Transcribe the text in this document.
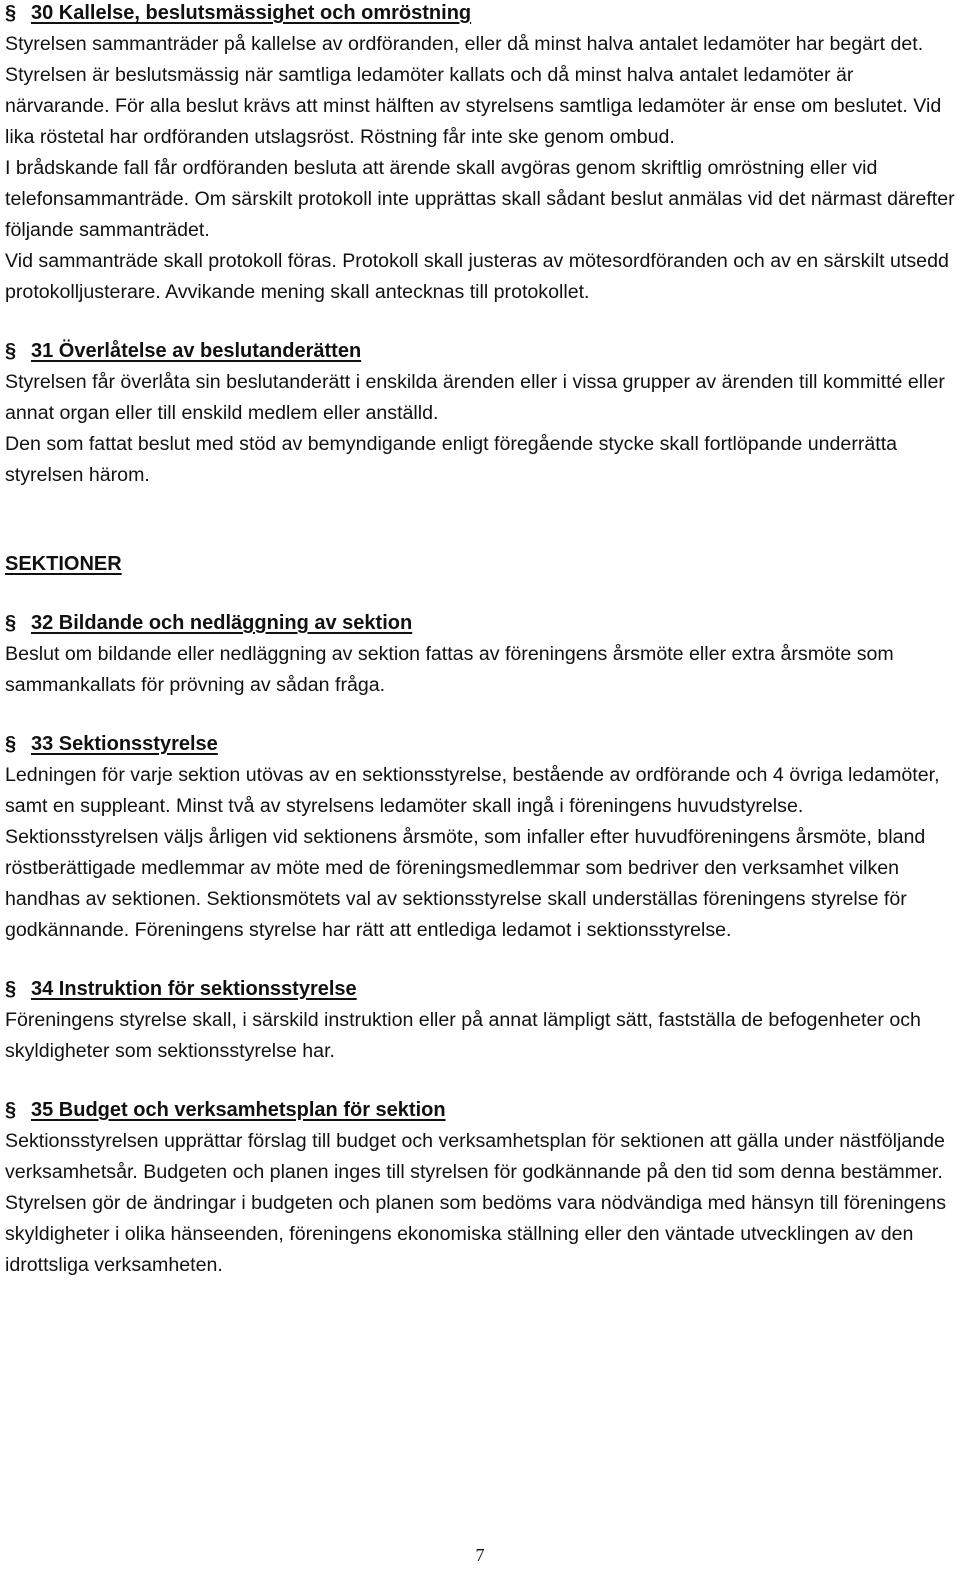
§ 30 Kallelse, beslutsmässighet och omröstning

Styrelsen sammanträder på kallelse av ordföranden, eller då minst halva antalet ledamöter har begärt det.

Styrelsen är beslutsmässig när samtliga ledamöter kallats och då minst halva antalet ledamöter är närvarande. För alla beslut krävs att minst hälften av styrelsens samtliga ledamöter är ense om beslutet. Vid lika röstetal har ordföranden utslagsröst. Röstning får inte ske genom ombud.

I brådskande fall får ordföranden besluta att ärende skall avgöras genom skriftlig omröstning eller vid telefonsammanträde. Om särskilt protokoll inte upprättas skall sådant beslut anmälas vid det närmast därefter följande sammanträdet.

Vid sammanträde skall protokoll föras. Protokoll skall justeras av mötesordföranden och av en särskilt utsedd protokolljusterare. Avvikande mening skall antecknas till protokollet.

§ 31 Överlåtelse av beslutanderätten

Styrelsen får överlåta sin beslutanderätt i enskilda ärenden eller i vissa grupper av ärenden till kommitté eller annat organ eller till enskild medlem eller anställd.

Den som fattat beslut med stöd av bemyndigande enligt föregående stycke skall fortlöpande underrätta styrelsen härom.

SEKTIONER
§ 32 Bildande och nedläggning av sektion

Beslut om bildande eller nedläggning av sektion fattas av föreningens årsmöte eller extra årsmöte som sammankallats för prövning av sådan fråga.

§ 33 Sektionsstyrelse

Ledningen för varje sektion utövas av en sektionsstyrelse, bestående av ordförande och 4 övriga ledamöter, samt en suppleant. Minst två av styrelsens ledamöter skall ingå i föreningens huvudstyrelse. Sektionsstyrelsen väljs årligen vid sektionens årsmöte, som infaller efter huvudföreningens årsmöte, bland röstberättigade medlemmar av möte med de föreningsmedlemmar som bedriver den verksamhet vilken handhas av sektionen. Sektionsmötets val av sektionsstyrelse skall underställas föreningens styrelse för godkännande. Föreningens styrelse har rätt att entlediga ledamot i sektionsstyrelse.

§ 34 Instruktion för sektionsstyrelse

Föreningens styrelse skall, i särskild instruktion eller på annat lämpligt sätt, fastställa de befogenheter och skyldigheter som sektionsstyrelse har.

§ 35 Budget och verksamhetsplan för sektion

Sektionsstyrelsen upprättar förslag till budget och verksamhetsplan för sektionen att gälla under nästföljande verksamhetsår. Budgeten och planen inges till styrelsen för godkännande på den tid som denna bestämmer. Styrelsen gör de ändringar i budgeten och planen som bedöms vara nödvändiga med hänsyn till föreningens skyldigheter i olika hänseenden, föreningens ekonomiska ställning eller den väntade utvecklingen av den idrottsliga verksamheten.

7
